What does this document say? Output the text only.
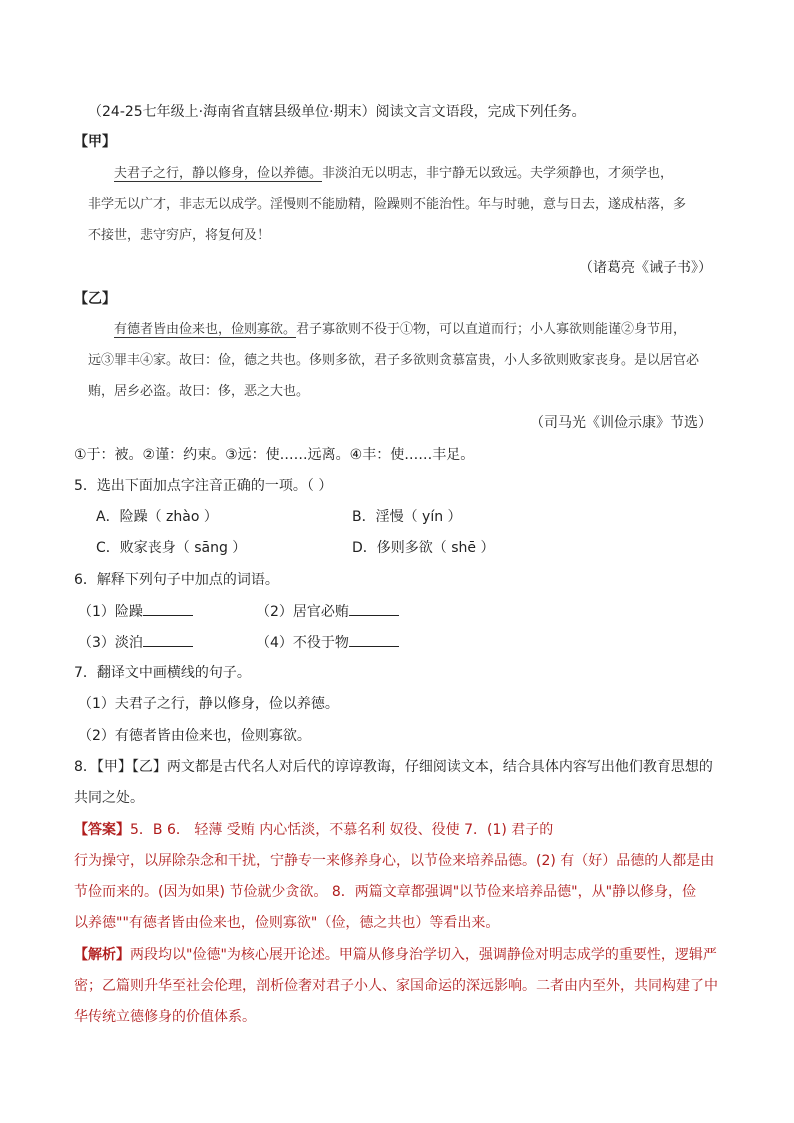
（24-25七年级上·海南省直辖县级单位·期末）阅读文言文语段，完成下列任务。
【甲】
夫君子之行，静以修身，俭以养德。非淡泊无以明志，非宁静无以致远。夫学须静也，才须学也，
非学无以广才，非志无以成学。淫慢则不能励精，险躁则不能治性。年与时驰，意与日去，遂成枯落，多
不接世，悲守穷庐，将复何及！
（诸葛亮《诫子书》）
【乙】
有德者皆由俭来也，俭则寡欲。君子寡欲则不役于①物，可以直道而行；小人寡欲则能谨②身节用，
远③罪丰④家。故曰：俭，德之共也。侈则多欲，君子多欲则贪慕富贵，小人多欲则败家丧身。是以居官必
贿，居乡必盗。故曰：侈，恶之大也。
（司马光《训俭示康》节选）
①于：被。②谨：约束。③远：使……远离。④丰：使……丰足。
5．选出下面加点字注音正确的一项。（ ）
A．险躁（ zhào ）	B．淫慢（ yín ）
C．败家丧身（ sāng ）	D．侈则多欲（ shē ）
6．解释下列句子中加点的词语。
（1）险躁	（2）居官必贿
（3）淡泊	（4）不役于物
7．翻译文中画横线的句子。
（1）夫君子之行，静以修身，俭以养德。
（2）有德者皆由俭来也，俭则寡欲。
8．【甲】【乙】两文都是古代名人对后代的谆谆教诲，仔细阅读文本，结合具体内容写出他们教育思想的
共同之处。
【答案】5．B 6． 轻薄 受贿 内心恬淡，不慕名利 奴役、役使 7．(1) 君子的
行为操守，以屏除杂念和干扰，宁静专一来修养身心，以节俭来培养品德。(2) 有（好）品德的人都是由
节俭而来的。(因为如果) 节俭就少贪欲。 8．两篇文章都强调"以节俭来培养品德"，从"静以修身，俭
以养德""有德者皆由俭来也，俭则寡欲"（俭，德之共也）等看出来。
【解析】两段均以"俭德"为核心展开论述。甲篇从修身治学切入，强调静俭对明志成学的重要性，逻辑严
密；乙篇则升华至社会伦理，剖析俭奢对君子小人、家国命运的深远影响。二者由内至外，共同构建了中
华传统立德修身的价值体系。
